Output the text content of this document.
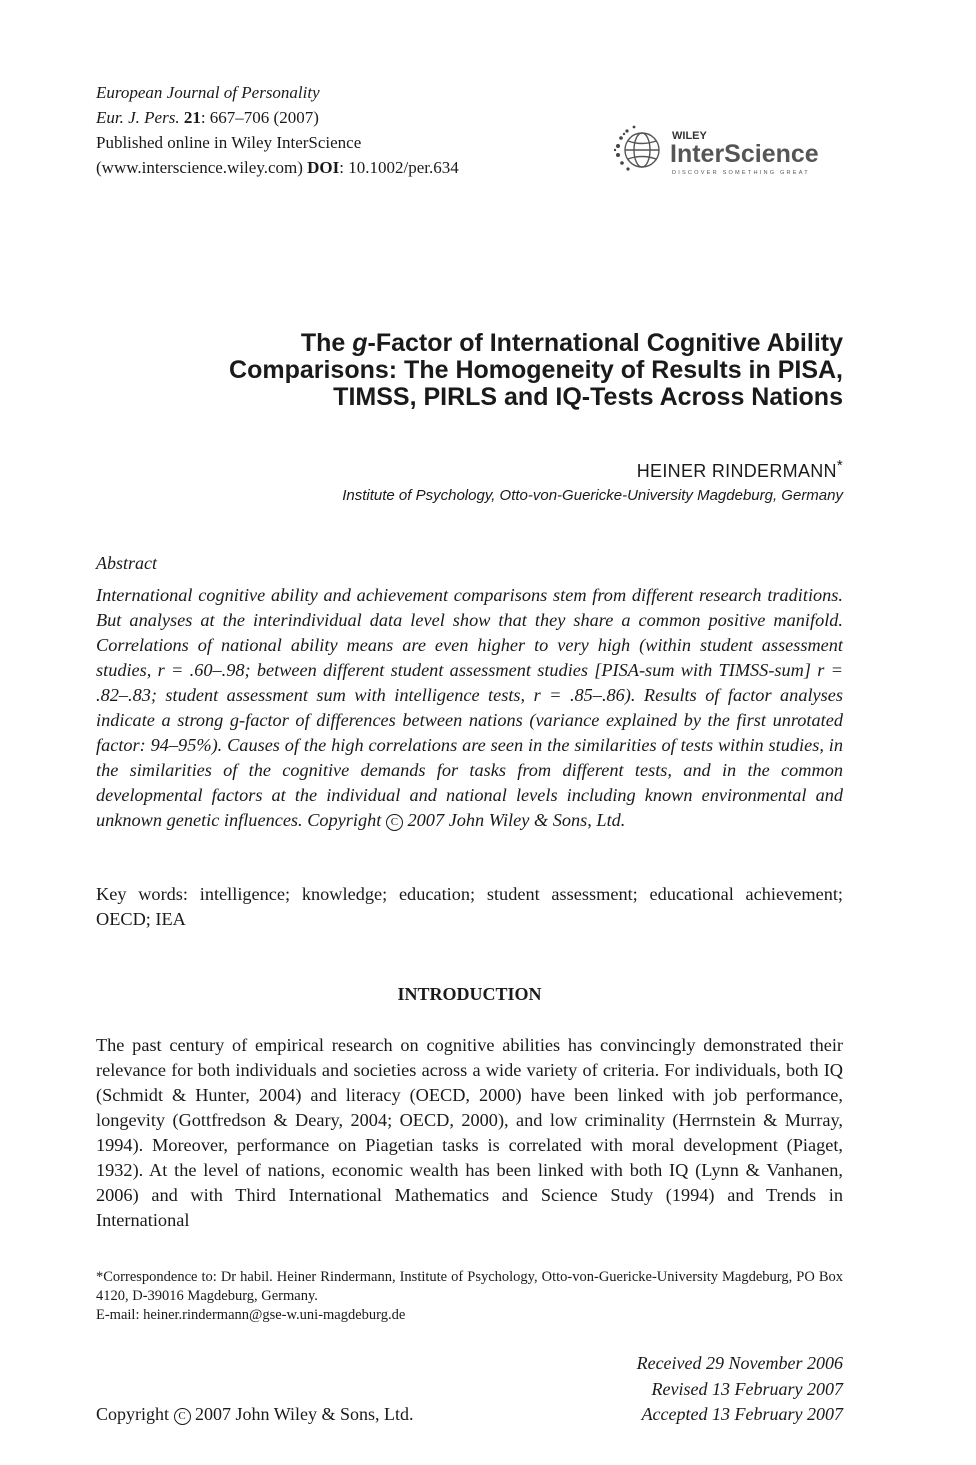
European Journal of Personality
Eur. J. Pers. 21: 667–706 (2007)
Published online in Wiley InterScience
(www.interscience.wiley.com) DOI: 10.1002/per.634
WILEY
InterScience
DISCOVER SOMETHING GREAT
The g-Factor of International Cognitive Ability
Comparisons: The Homogeneity of Results in PISA,
TIMSS, PIRLS and IQ-Tests Across Nations
HEINER RINDERMANN*
Institute of Psychology, Otto-von-Guericke-University Magdeburg, Germany
Abstract
International cognitive ability and achievement comparisons stem from different research traditions. But analyses at the interindividual data level show that they share a common positive manifold. Correlations of national ability means are even higher to very high (within student assessment studies, r = .60–.98; between different student assessment studies [PISA-sum with TIMSS-sum] r = .82–.83; student assessment sum with intelligence tests, r = .85–.86). Results of factor analyses indicate a strong g-factor of differences between nations (variance explained by the first unrotated factor: 94–95%). Causes of the high correlations are seen in the similarities of tests within studies, in the similarities of the cognitive demands for tasks from different tests, and in the common developmental factors at the individual and national levels including known environmental and unknown genetic influences. Copyright C 2007 John Wiley & Sons, Ltd.
Key words: intelligence; knowledge; education; student assessment; educational achievement; OECD; IEA
INTRODUCTION

The past century of empirical research on cognitive abilities has convincingly demonstrated their relevance for both individuals and societies across a wide variety of criteria. For individuals, both IQ (Schmidt & Hunter, 2004) and literacy (OECD, 2000) have been linked with job performance, longevity (Gottfredson & Deary, 2004; OECD, 2000), and low criminality (Herrnstein & Murray, 1994). Moreover, performance on Piagetian tasks is correlated with moral development (Piaget, 1932). At the level of nations, economic wealth has been linked with both IQ (Lynn & Vanhanen, 2006) and with Third International Mathematics and Science Study (1994) and Trends in International

*Correspondence to: Dr habil. Heiner Rindermann, Institute of Psychology, Otto-von-Guericke-University Magdeburg, PO Box 4120, D-39016 Magdeburg, Germany.

E-mail: heiner.rindermann@gse-w.uni-magdeburg.de

Received 29 November 2006
Revised 13 February 2007
Accepted 13 February 2007
Copyright C 2007 John Wiley & Sons, Ltd.
